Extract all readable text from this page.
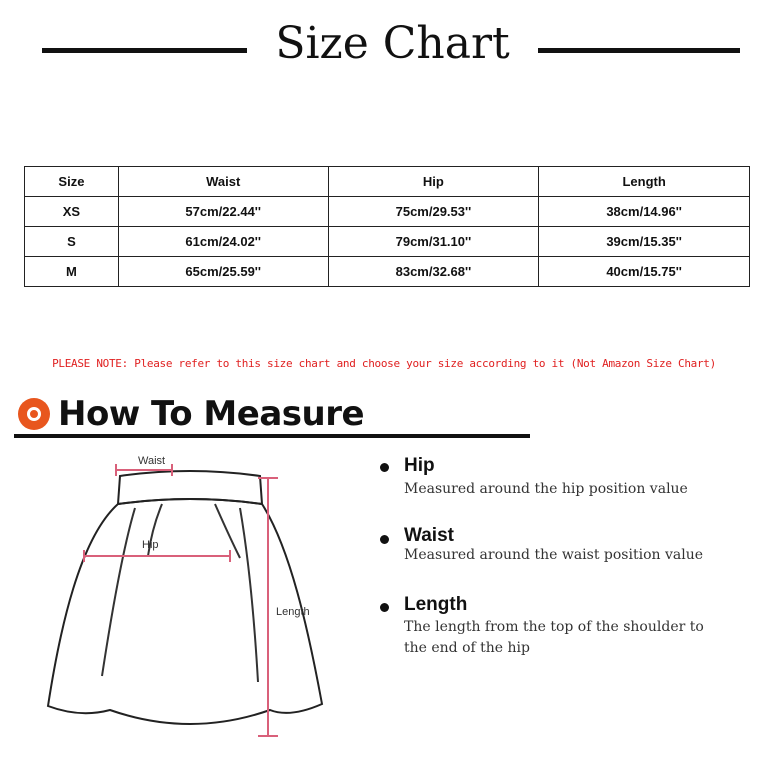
Size Chart
Size	Waist	Hip	Length
XS	57cm/22.44''	75cm/29.53''	38cm/14.96''
S	61cm/24.02''	79cm/31.10''	39cm/15.35''
M	65cm/25.59''	83cm/32.68''	40cm/15.75''
PLEASE NOTE: Please refer to this size chart and choose your size according to it (Not Amazon Size Chart)
How To Measure
Waist
Hip
Length
Hip
Measured around the hip position value
Waist
Measured around the waist position value
Length
The length from the top of the shoulder to the end of the hip
